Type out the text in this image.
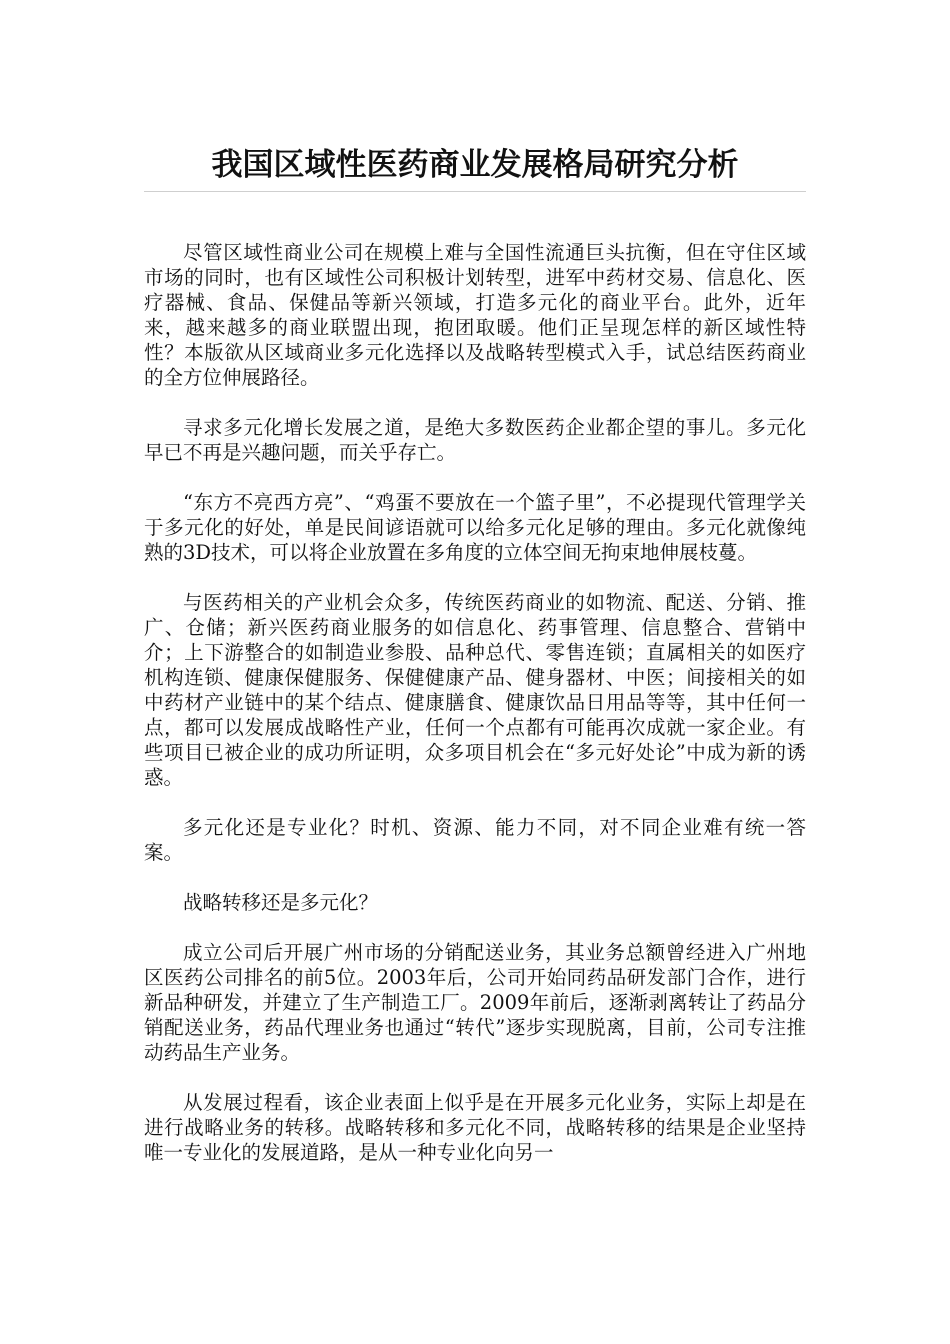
我国区域性医药商业发展格局研究分析

尽管区域性商业公司在规模上难与全国性流通巨头抗衡，但在守住区域市场的同时，也有区域性公司积极计划转型，进军中药材交易、信息化、医疗器械、食品、保健品等新兴领域，打造多元化的商业平台。此外，近年来，越来越多的商业联盟出现，抱团取暖。他们正呈现怎样的新区域性特性？本版欲从区域商业多元化选择以及战略转型模式入手，试总结医药商业的全方位伸展路径。

寻求多元化增长发展之道，是绝大多数医药企业都企望的事儿。多元化早已不再是兴趣问题，而关乎存亡。

“东方不亮西方亮”、“鸡蛋不要放在一个篮子里”，不必提现代管理学关于多元化的好处，单是民间谚语就可以给多元化足够的理由。多元化就像纯熟的3D技术，可以将企业放置在多角度的立体空间无拘束地伸展枝蔓。

与医药相关的产业机会众多，传统医药商业的如物流、配送、分销、推广、仓储；新兴医药商业服务的如信息化、药事管理、信息整合、营销中介；上下游整合的如制造业参股、品种总代、零售连锁；直属相关的如医疗机构连锁、健康保健服务、保健健康产品、健身器材、中医；间接相关的如中药材产业链中的某个结点、健康膳食、健康饮品日用品等等，其中任何一点，都可以发展成战略性产业，任何一个点都有可能再次成就一家企业。有些项目已被企业的成功所证明，众多项目机会在“多元好处论”中成为新的诱惑。

多元化还是专业化？时机、资源、能力不同，对不同企业难有统一答案。

战略转移还是多元化？

成立公司后开展广州市场的分销配送业务，其业务总额曾经进入广州地区医药公司排名的前5位。2003年后，公司开始同药品研发部门合作，进行新品种研发，并建立了生产制造工厂。2009年前后，逐渐剥离转让了药品分销配送业务，药品代理业务也通过“转代”逐步实现脱离，目前，公司专注推动药品生产业务。

从发展过程看，该企业表面上似乎是在开展多元化业务，实际上却是在进行战略业务的转移。战略转移和多元化不同，战略转移的结果是企业坚持唯一专业化的发展道路，是从一种专业化向另一
